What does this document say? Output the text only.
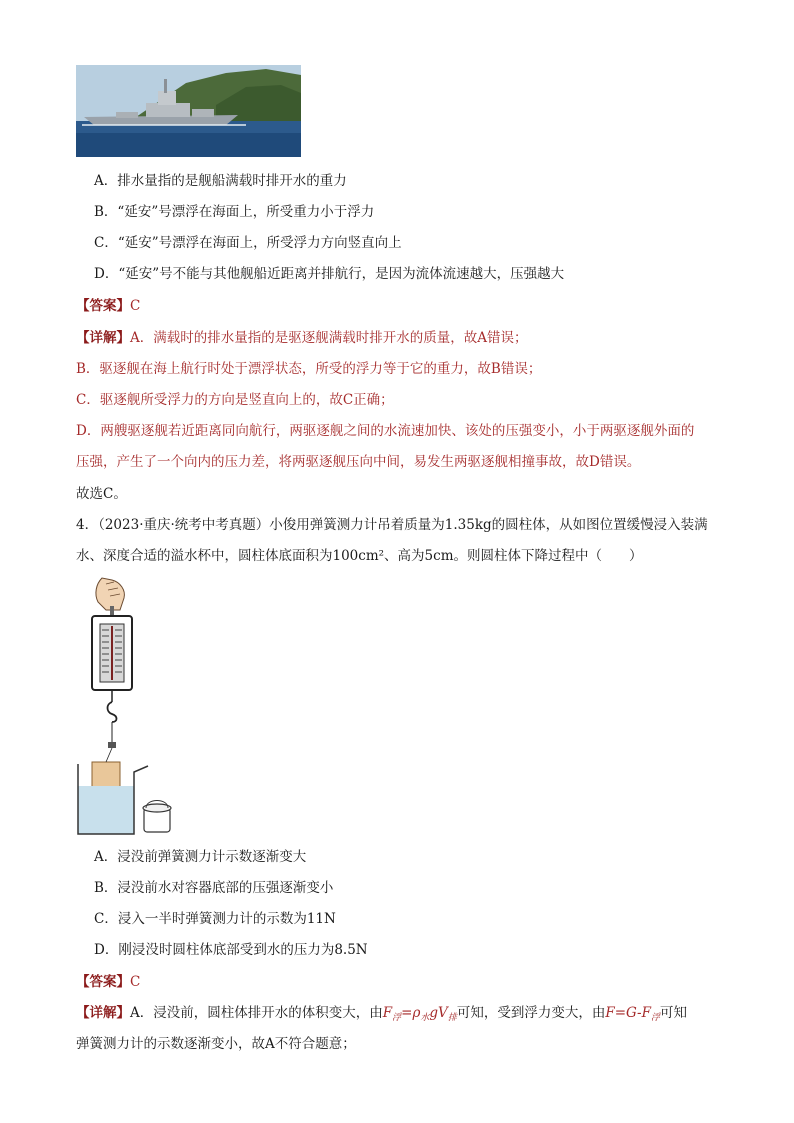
A．排水量指的是舰船满载时排开水的重力
B．“延安”号漂浮在海面上，所受重力小于浮力
C．“延安”号漂浮在海面上，所受浮力方向竖直向上
D．“延安”号不能与其他舰船近距离并排航行，是因为流体流速越大，压强越大
【答案】C
【详解】A．满载时的排水量指的是驱逐舰满载时排开水的质量，故A错误；
B．驱逐舰在海上航行时处于漂浮状态，所受的浮力等于它的重力，故B错误；
C．驱逐舰所受浮力的方向是竖直向上的，故C正确；
D．两艘驱逐舰若近距离同向航行，两驱逐舰之间的水流速加快、该处的压强变小，小于两驱逐舰外面的
压强，产生了一个向内的压力差，将两驱逐舰压向中间，易发生两驱逐舰相撞事故，故D错误。
故选C。
4．（2023·重庆·统考中考真题）小俊用弹簧测力计吊着质量为1.35kg的圆柱体，从如图位置缓慢浸入装满
水、深度合适的溢水杯中，圆柱体底面积为100cm²、高为5cm。则圆柱体下降过程中（　　）
A．浸没前弹簧测力计示数逐渐变大
B．浸没前水对容器底部的压强逐渐变小
C．浸入一半时弹簧测力计的示数为11N
D．刚浸没时圆柱体底部受到水的压力为8.5N
【答案】C
【详解】A．浸没前，圆柱体排开水的体积变大，由$F_浮=\rho_水gV_排$可知，受到浮力变大，由$F=G-F_浮$可知
弹簧测力计的示数逐渐变小，故A不符合题意；
